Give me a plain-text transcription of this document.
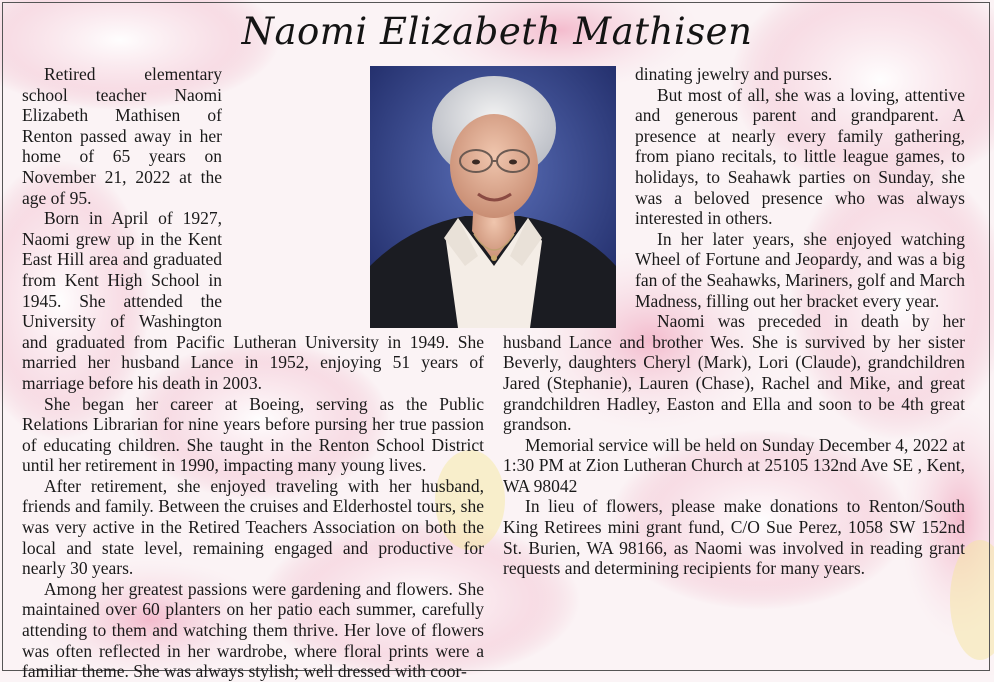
Naomi Elizabeth Mathisen

Retired elementary school teacher Naomi Elizabeth Mathisen of Renton passed away in her home of 65 years on November 21, 2022 at the age of 95.

Born in April of 1927, Naomi grew up in the Kent East Hill area and graduated from Kent High School in 1945. She attended the University of Washington and graduated from Pacific Lutheran University in 1949. She married her husband Lance in 1952, enjoying 51 years of marriage before his death in 2003.

She began her career at Boeing, serving as the Public Relations Librarian for nine years before pursing her true passion of educating children. She taught in the Renton School District until her retirement in 1990, impacting many young lives.

After retirement, she enjoyed traveling with her husband, friends and family. Between the cruises and Elderhostel tours, she was very active in the Retired Teachers Association on both the local and state level, remaining engaged and productive for nearly 30 years.

Among her greatest passions were gardening and flowers. She maintained over 60 planters on her patio each summer, carefully attending to them and watching them thrive. Her love of flowers was often reflected in her wardrobe, where floral prints were a familiar theme. She was always stylish; well dressed with coor-

dinating jewelry and purses.

But most of all, she was a loving, attentive and generous parent and grandparent. A presence at nearly every family gathering, from piano recitals, to little league games, to holidays, to Seahawk parties on Sunday, she was a beloved presence who was always interested in others.

In her later years, she enjoyed watching Wheel of Fortune and Jeopardy, and was a big fan of the Seahawks, Mariners, golf and March Madness, filling out her bracket every year.

Naomi was preceded in death by her husband Lance and brother Wes. She is survived by her sister Beverly, daughters Cheryl (Mark), Lori (Claude), grandchildren Jared (Stephanie), Lauren (Chase), Rachel and Mike, and great grandchildren Hadley, Easton and Ella and soon to be 4th great grandson.

Memorial service will be held on Sunday December 4, 2022 at 1:30 PM at Zion Lutheran Church at 25105 132nd Ave SE , Kent, WA 98042

In lieu of flowers, please make donations to Renton/South King Retirees mini grant fund, C/O Sue Perez, 1058 SW 152nd St. Burien, WA 98166, as Naomi was involved in reading grant requests and determining recipients for many years.
